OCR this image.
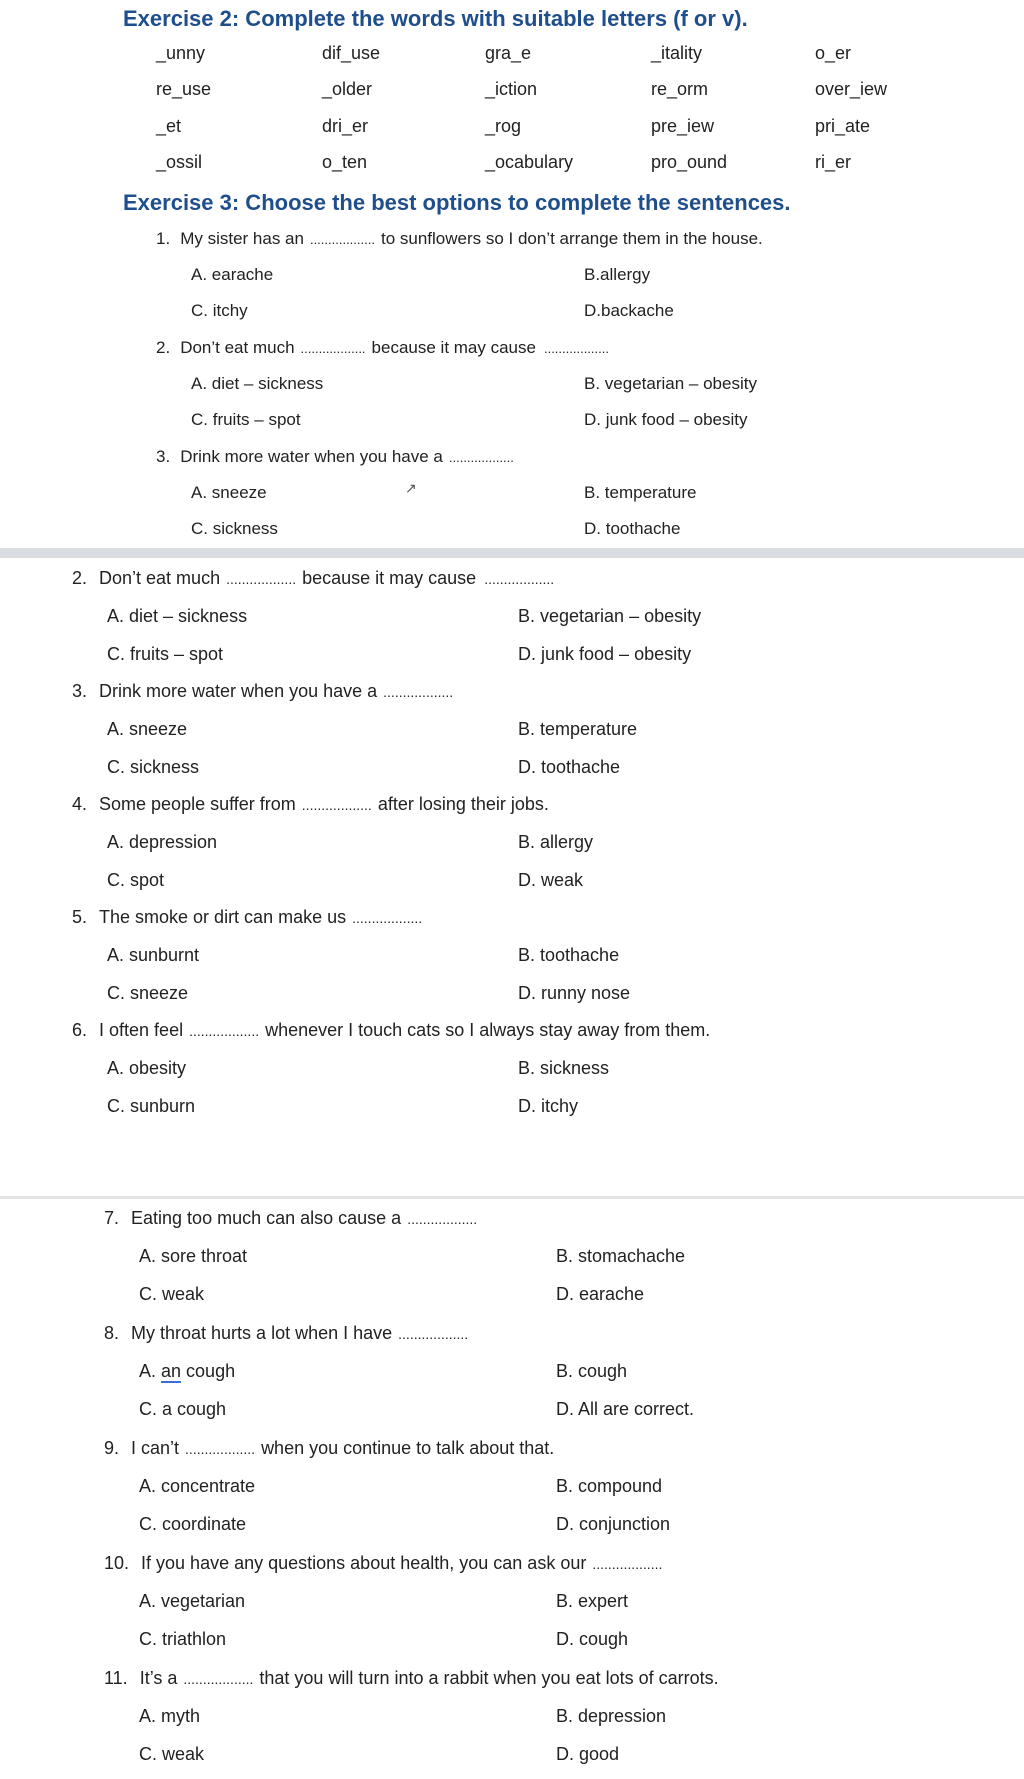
Exercise 2: Complete the words with suitable letters (f or v).
_unny	dif_use	gra_e	_itality	o_er
re_use	_older	_iction	re_orm	over_iew
_et	dri_er	_rog	pre_iew	pri_ate
_ossil	o_ten	_ocabulary	pro_ound	ri_er
Exercise 3: Choose the best options to complete the sentences.
1. My sister has an .................. to sunflowers so I don’t arrange them in the house.
A. earache	B.allergy
C. itchy	D.backache
2. Don’t eat much .................. because it may cause ..................
A. diet – sickness	B. vegetarian – obesity
C. fruits – spot	D. junk food – obesity
3. Drink more water when you have a ..................
A. sneeze	B. temperature
C. sickness	D. toothache
↗
2. Don’t eat much .................. because it may cause ..................
A. diet – sickness	B. vegetarian – obesity
C. fruits – spot	D. junk food – obesity
3. Drink more water when you have a ..................
A. sneeze	B. temperature
C. sickness	D. toothache
4. Some people suffer from .................. after losing their jobs.
A. depression	B. allergy
C. spot	D. weak
5. The smoke or dirt can make us ..................
A. sunburnt	B. toothache
C. sneeze	D. runny nose
6. I often feel .................. whenever I touch cats so I always stay away from them.
A. obesity	B. sickness
C. sunburn	D. itchy
7. Eating too much can also cause a ..................
A. sore throat	B. stomachache
C. weak	D. earache
8. My throat hurts a lot when I have ..................
A. an cough	B. cough
C. a cough	D. All are correct.
9. I can’t .................. when you continue to talk about that.
A. concentrate	B. compound
C. coordinate	D. conjunction
10. If you have any questions about health, you can ask our ..................
A. vegetarian	B. expert
C. triathlon	D. cough
11. It’s a .................. that you will turn into a rabbit when you eat lots of carrots.
A. myth	B. depression
C. weak	D. good
